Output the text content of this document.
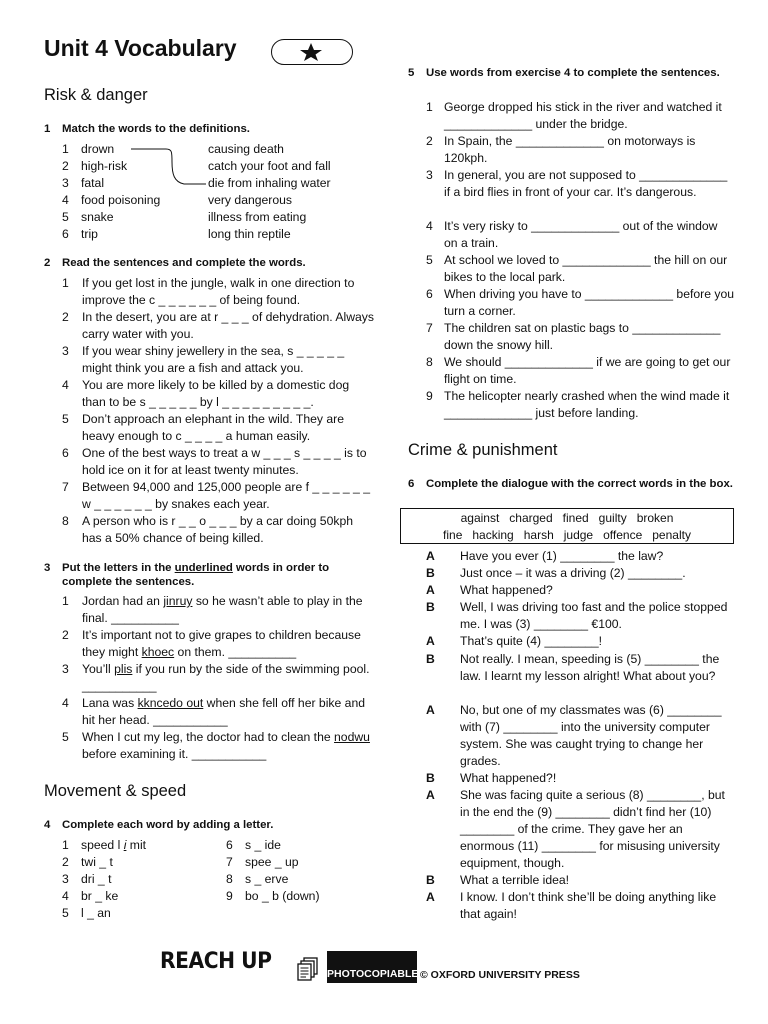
Unit 4 Vocabulary
Risk & danger
1 Match the words to the definitions.
1 drown
2 high-risk
3 fatal
4 food poisoning
5 snake
6 trip
causing death
catch your foot and fall
die from inhaling water
very dangerous
illness from eating
long thin reptile
2 Read the sentences and complete the words.
1 If you get lost in the jungle, walk in one direction to improve the c _ _ _ _ _ _ of being found.
2 In the desert, you are at r _ _ _ of dehydration. Always carry water with you.
3 If you wear shiny jewellery in the sea, s _ _ _ _ _ might think you are a fish and attack you.
4 You are more likely to be killed by a domestic dog than to be s _ _ _ _ _ by l _ _ _ _ _ _ _ _ _.
5 Don’t approach an elephant in the wild. They are heavy enough to c _ _ _ _ a human easily.
6 One of the best ways to treat a w _ _ _ s _ _ _ _ is to hold ice on it for at least twenty minutes.
7 Between 94,000 and 125,000 people are f _ _ _ _ _ _ w _ _ _ _ _ _ by snakes each year.
8 A person who is r _ _ o _ _ _ by a car doing 50kph has a 50% chance of being killed.
3 Put the letters in the underlined words in order to complete the sentences.
1 Jordan had an jinruy so he wasn’t able to play in the final. __________
2 It’s important not to give grapes to children because they might khoec on them. __________
3 You’ll plis if you run by the side of the swimming pool. ___________
4 Lana was kkncedo out when she fell off her bike and hit her head. ___________
5 When I cut my leg, the doctor had to clean the nodwu before examining it. ___________
Movement & speed
4 Complete each word by adding a letter.
1 speed l i mit
2 twi _ t
3 dri _ t
4 br _ ke
5 l _ an
6 s _ ide
7 spee _ up
8 s _ erve
9 bo _ b (down)
5 Use words from exercise 4 to complete the sentences.
1 George dropped his stick in the river and watched it _____________ under the bridge.
2 In Spain, the _____________ on motorways is 120kph.
3 In general, you are not supposed to _____________ if a bird flies in front of your car. It’s dangerous.
4 It’s very risky to _____________ out of the window on a train.
5 At school we loved to _____________ the hill on our bikes to the local park.
6 When driving you have to _____________ before you turn a corner.
7 The children sat on plastic bags to _____________ down the snowy hill.
8 We should _____________ if we are going to get our flight on time.
9 The helicopter nearly crashed when the wind made it _____________ just before landing.
Crime & punishment
6 Complete the dialogue with the correct words in the box.
against   charged   fined   guilty   broken
fine   hacking   harsh   judge   offence   penalty
A Have you ever (1) ________ the law?
B Just once – it was a driving (2) ________.
A What happened?
B Well, I was driving too fast and the police stopped me. I was (3) ________ €100.
A That’s quite (4) ________!
B Not really. I mean, speeding is (5) ________ the law. I learnt my lesson alright! What about you?
A No, but one of my classmates was (6) ________ with (7) ________ into the university computer system. She was caught trying to change her grades.
B What happened?!
A She was facing quite a serious (8) ________, but in the end the (9) ________ didn’t find her (10) ________ of the crime. They gave her an enormous (11) ________ for misusing university equipment, though.
B What a terrible idea!
A I know. I don’t think she’ll be doing anything like that again!
REACH UP	PHOTOCOPIABLE © OXFORD UNIVERSITY PRESS
